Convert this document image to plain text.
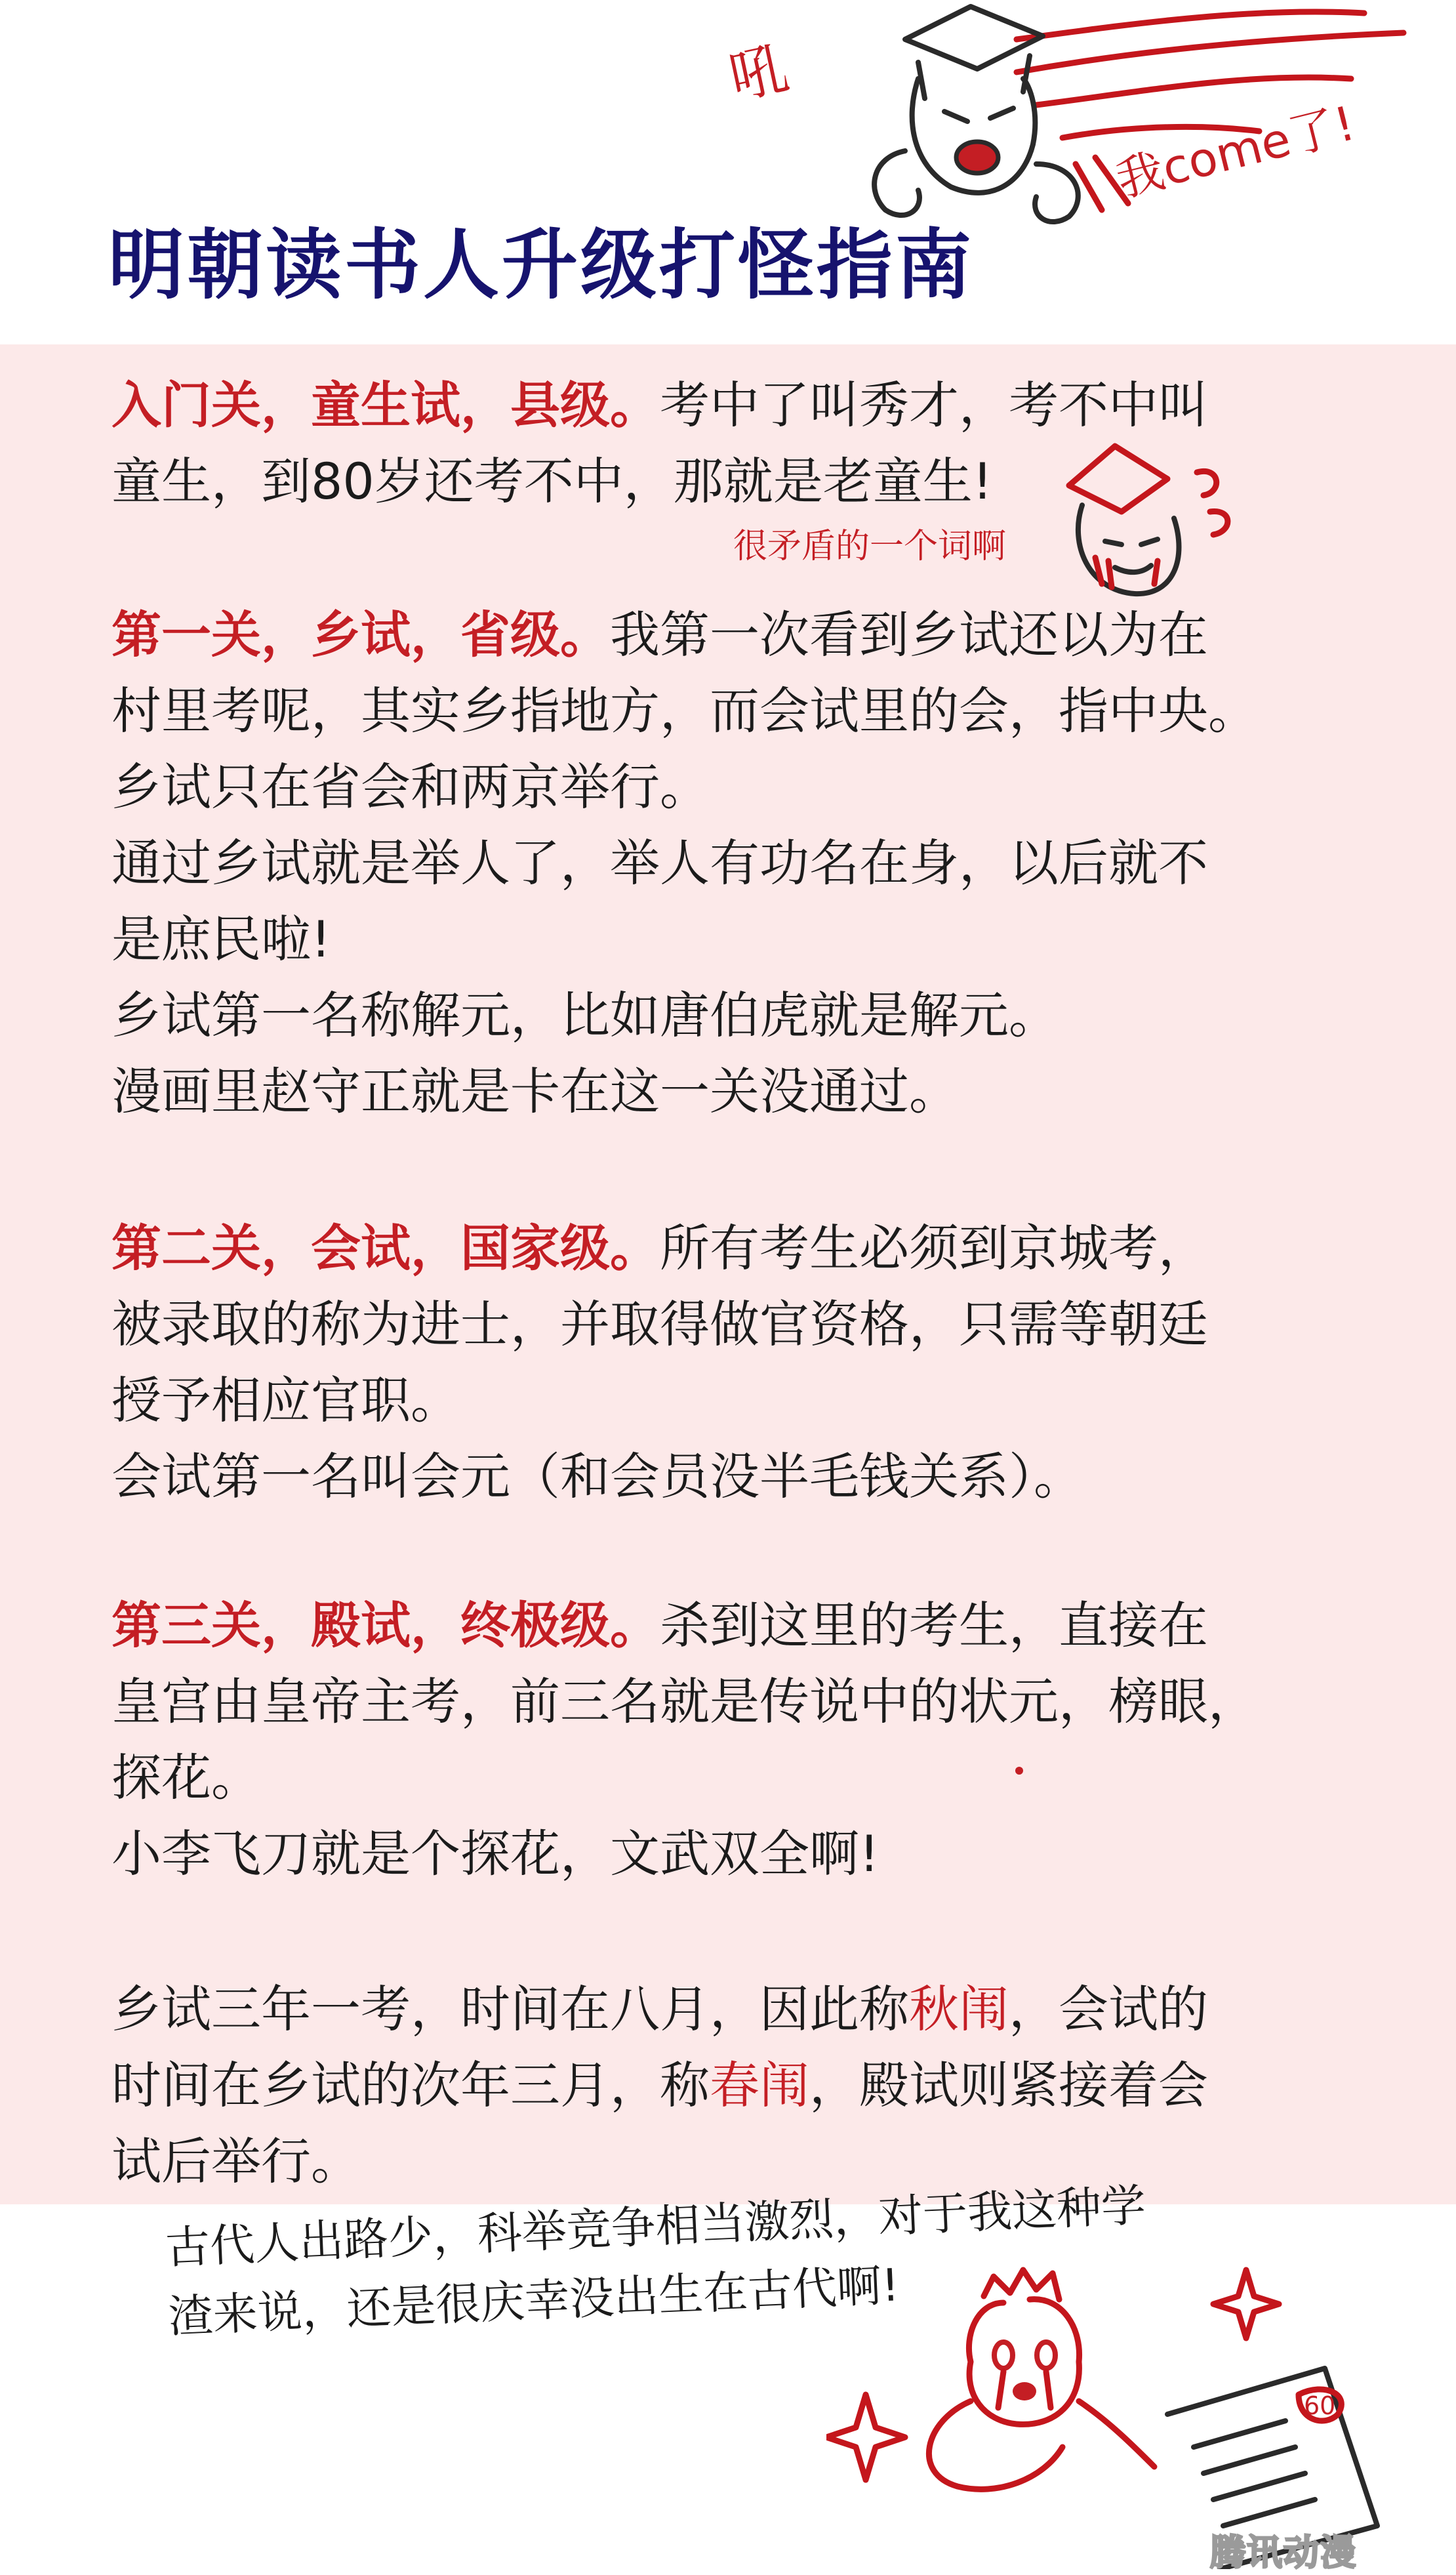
吼
我come了!
明朝读书人升级打怪指南
入门关，童生试，县级。考中了叫秀才，考不中叫
童生，到80岁还考不中，那就是老童生!
很矛盾的一个词啊
第一关，乡试，省级。我第一次看到乡试还以为在
村里考呢，其实乡指地方，而会试里的会，指中央。
乡试只在省会和两京举行。
通过乡试就是举人了，举人有功名在身，以后就不
是庶民啦!
乡试第一名称解元，比如唐伯虎就是解元。
漫画里赵守正就是卡在这一关没通过。
第二关，会试，国家级。所有考生必须到京城考，
被录取的称为进士，并取得做官资格，只需等朝廷
授予相应官职。
会试第一名叫会元（和会员没半毛钱关系）。
第三关，殿试，终极级。杀到这里的考生，直接在
皇宫由皇帝主考，前三名就是传说中的状元，榜眼，
探花。
小李飞刀就是个探花，文武双全啊!
乡试三年一考，时间在八月，因此称秋闱，会试的
时间在乡试的次年三月，称春闱，殿试则紧接着会
试后举行。
古代人出路少，科举竞争相当激烈，对于我这种学
渣来说，还是很庆幸没出生在古代啊!
60
腾讯动漫
